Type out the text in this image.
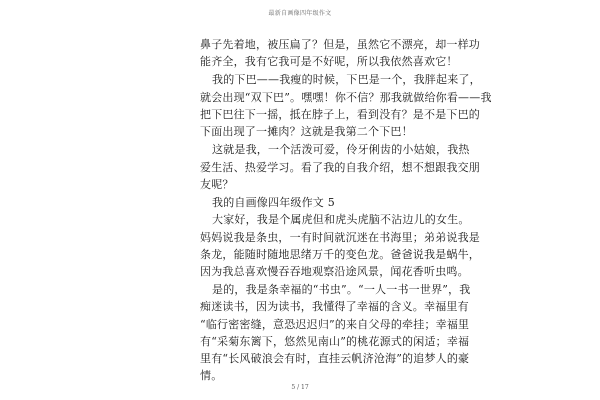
最新自画像四年级作文
鼻子先着地，被压扁了？但是，虽然它不漂亮，却一样功
能齐全，我有它我可是不好呢，所以我依然喜欢它！
我的下巴——我瘦的时候，下巴是一个，我胖起来了，
就会出现“双下巴”。嘿嘿！你不信？那我就做给你看——我
把下巴往下一摇，抵在脖子上，看到没有？是不是下巴的
下面出现了一摊肉？这就是我第二个下巴！
这就是我，一个活泼可爱，伶牙俐齿的小姑娘，我热
爱生活、热爱学习。看了我的自我介绍，想不想跟我交朋
友呢？
我的自画像四年级作文 5
大家好，我是个属虎但和虎头虎脑不沾边儿的女生。
妈妈说我是条虫，一有时间就沉迷在书海里；弟弟说我是
条龙，能随时随地思绪万千的变色龙。爸爸说我是蜗牛，
因为我总喜欢慢吞吞地观察沿途风景，闻花香听虫鸣。
是的，我是条幸福的“书虫”。“一人一书一世界”，我
痴迷读书，因为读书，我懂得了幸福的含义。幸福里有
“临行密密缝，意恐迟迟归”的来自父母的牵挂；幸福里
有“采菊东篱下，悠然见南山”的桃花源式的闲适；幸福
里有“长风破浪会有时，直挂云帆济沧海”的追梦人的豪
情。
5 / 17
